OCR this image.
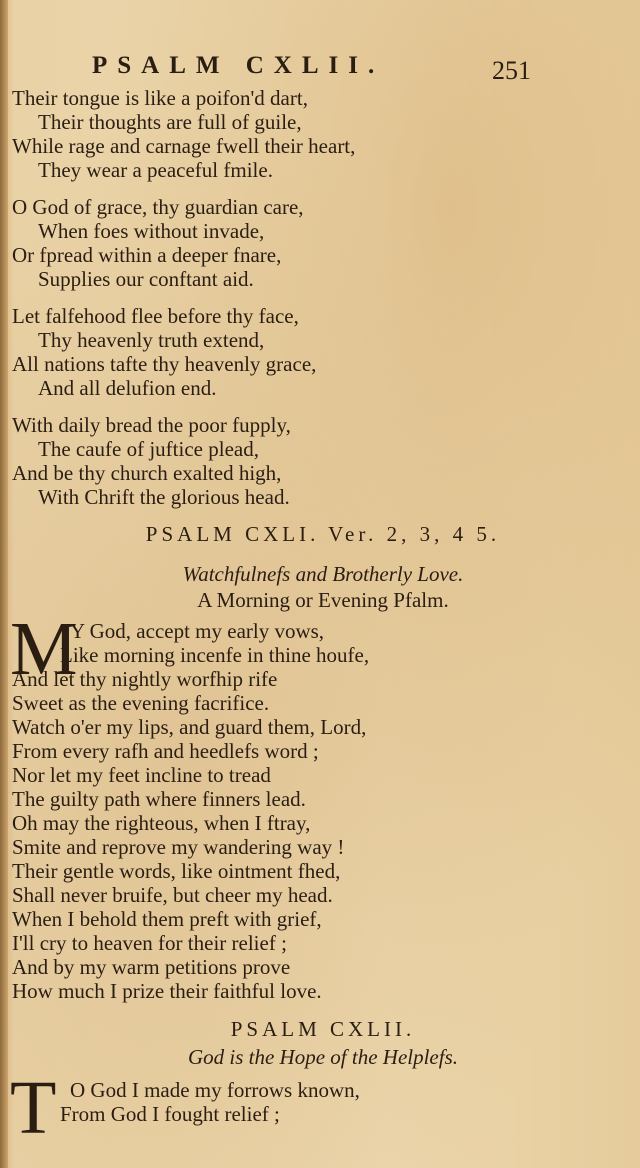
PSALM CXLII.	251
Their tongue is like a poifon'd dart,
Their thoughts are full of guile,
While rage and carnage fwell their heart,
They wear a peaceful fmile.
O God of grace, thy guardian care,
When foes without invade,
Or fpread within a deeper fnare,
Supplies our conftant aid.
Let falfehood flee before thy face,
Thy heavenly truth extend,
All nations tafte thy heavenly grace,
And all delufion end.
With daily bread the poor fupply,
The caufe of juftice plead,
And be thy church exalted high,
With Chrift the glorious head.
PSALM CXLI. Ver. 2, 3, 4 5.
Watchfulnefs and Brotherly Love.
A Morning or Evening Pfalm.
M
Y God, accept my early vows,
Like morning incenfe in thine houfe,
And let thy nightly worfhip rife
Sweet as the evening facrifice.
Watch o'er my lips, and guard them, Lord,
From every rafh and heedlefs word ;
Nor let my feet incline to tread
The guilty path where finners lead.
Oh may the righteous, when I ftray,
Smite and reprove my wandering way !
Their gentle words, like ointment fhed,
Shall never bruife, but cheer my head.
When I behold them preft with grief,
I'll cry to heaven for their relief ;
And by my warm petitions prove
How much I prize their faithful love.
PSALM CXLII.
God is the Hope of the Helplefs.
T O God I made my forrows known,
From God I fought relief ;
